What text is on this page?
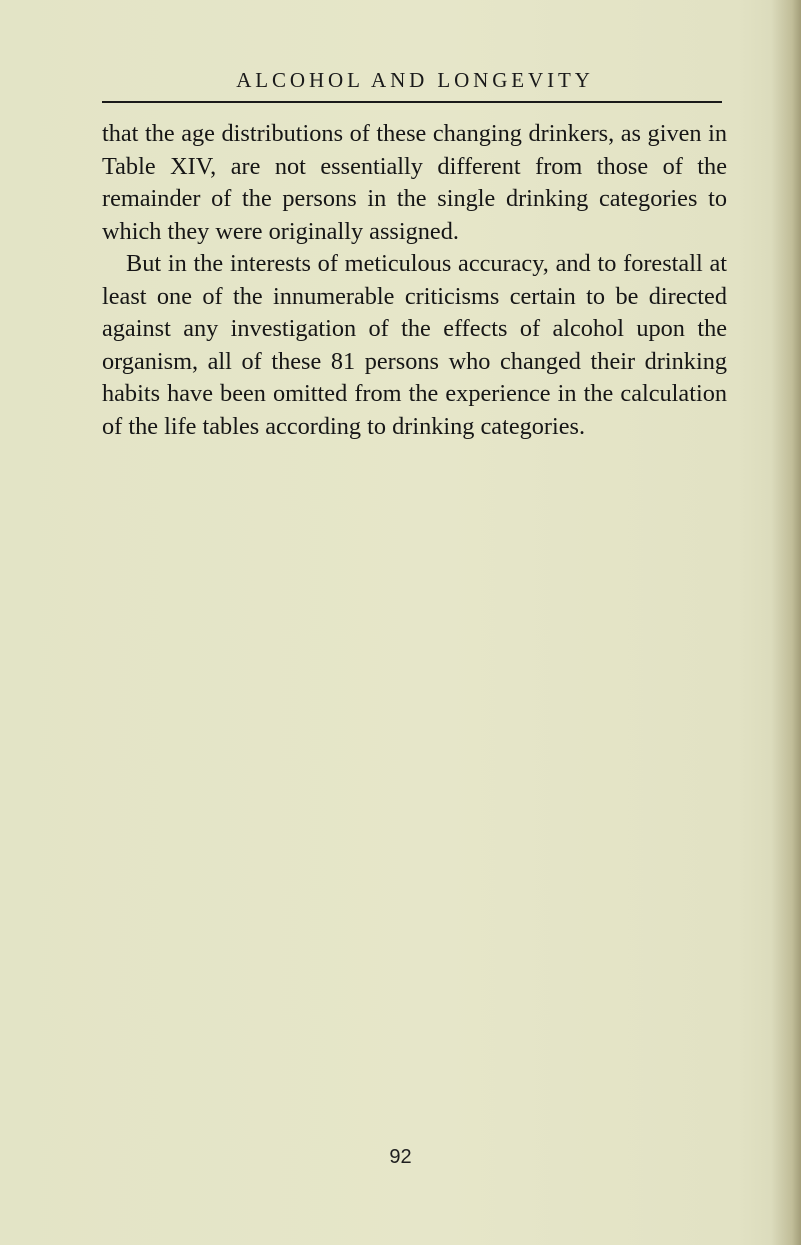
ALCOHOL AND LONGEVITY

that the age distributions of these changing drinkers, as given in Table XIV, are not essentially different from those of the remainder of the persons in the single drinking categories to which they were originally assigned.

But in the interests of meticulous accuracy, and to forestall at least one of the innumerable criticisms certain to be directed against any investigation of the effects of alcohol upon the organism, all of these 81 persons who changed their drinking habits have been omitted from the experience in the calculation of the life tables according to drinking categories.

92
